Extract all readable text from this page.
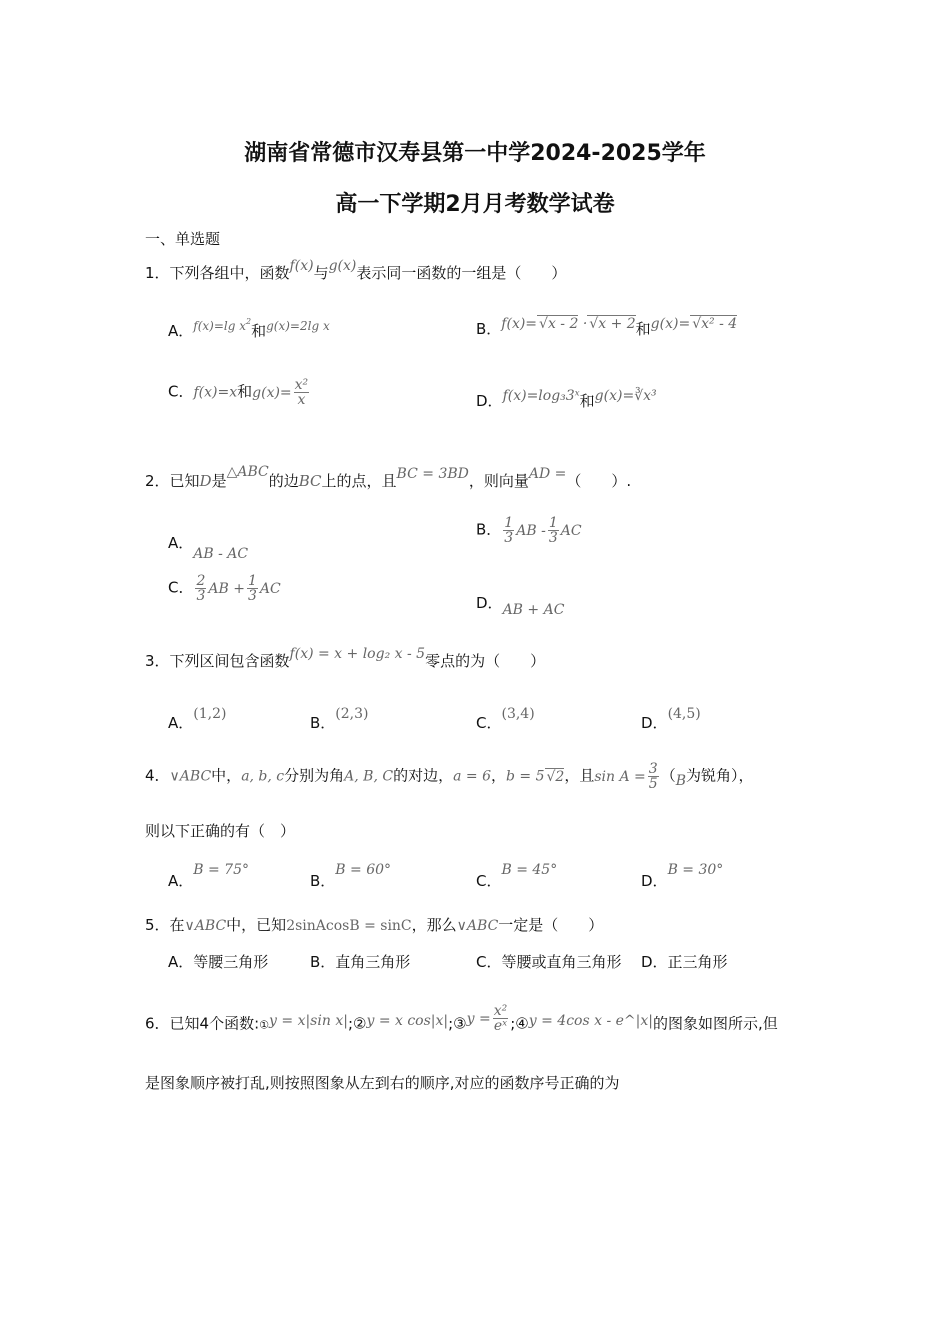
湖南省常德市汉寿县第一中学2024-2025学年
高一下学期2月月考数学试卷
一、单选题
1．下列各组中，函数f(x)与g(x)表示同一函数的一组是（　　）
A．$^{f(x)=lg x^2}$和$^{g(x)=2lg x}$	B．f(x)= √ x - 2 · √ x + 2和g(x)= √ x² - 4
C．f(x)=x和$g(x)= \frac{\text{x²}}{x}$	D．f(x)=log₃3ˣ和g(x)=∛x³
2．已知D是△ABC的边BC上的点，且BC = 3BD，则向量AD =（　　）.
A．AB - AC
B． $\frac{1}{3}$ AB - $\frac{1}{3}$ AC
C． $\frac{2}{3}$ AB + $\frac{1}{3}$ AC
D．AB + AC
3．下列区间包含函数f(x) = x + log₂ x - 5零点的为（　　）
A．(1,2)	B．(2,3)	C．(3,4)	D．(4,5)
4．∨ABC中，a, b, c分别为角A, B, C的对边，a = 6，b = 5 √ 2，且$\sin A = \frac{3}{5} (B$为锐角），
则以下正确的有（　）
A．B = 75°
B．B = 60°
C．B = 45°
D．B = 30°
5．在∨ABC中，已知2sinAcosB = sinC，那么∨ABC一定是（　　）
A．等腰三角形	B．直角三角形	C．等腰或直角三角形 D．正三角形
6．已知4个函数:①y = x|sin x|;②y = x cos|x|;③y = $\frac{\text{x²}}{\text{eˣ}}$ ;④y = 4cos x - e^|x|的图象如图所示,但
是图象顺序被打乱,则按照图象从左到右的顺序,对应的函数序号正确的为
